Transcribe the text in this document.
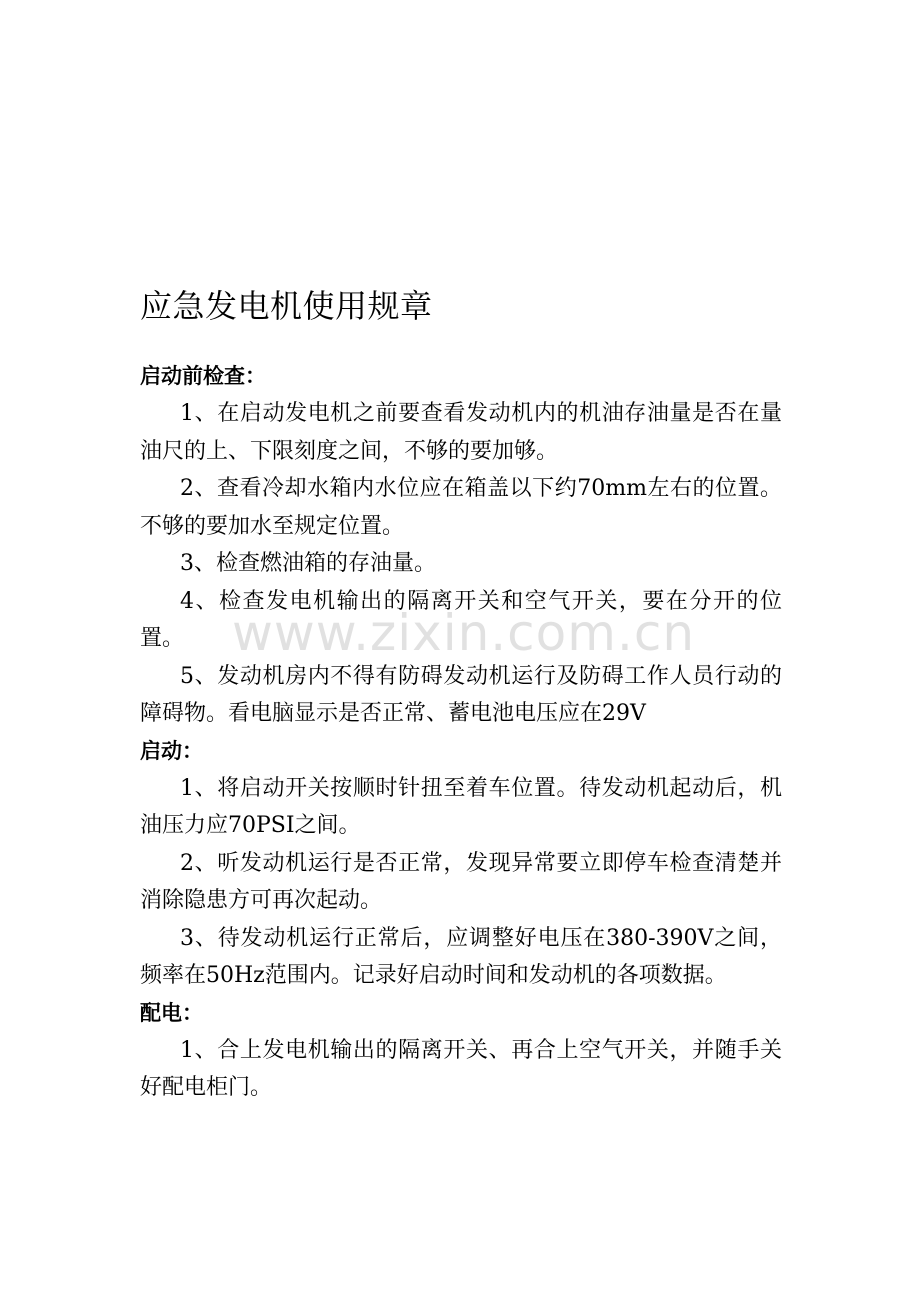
应急发电机使用规章

启动前检查：

1、在启动发电机之前要查看发动机内的机油存油量是否在量油尺的上、下限刻度之间，不够的要加够。

2、查看冷却水箱内水位应在箱盖以下约70mm左右的位置。不够的要加水至规定位置。

3、检查燃油箱的存油量。

4、检查发电机输出的隔离开关和空气开关，要在分开的位置。

5、发动机房内不得有防碍发动机运行及防碍工作人员行动的障碍物。看电脑显示是否正常、蓄电池电压应在29V

启动：

1、将启动开关按顺时针扭至着车位置。待发动机起动后，机油压力应70PSI之间。

2、听发动机运行是否正常，发现异常要立即停车检查清楚并消除隐患方可再次起动。

3、待发动机运行正常后，应调整好电压在380-390V之间，频率在50Hz范围内。记录好启动时间和发动机的各项数据。

配电：

1、合上发电机输出的隔离开关、再合上空气开关，并随手关好配电柜门。

www.zixin.com.cn
